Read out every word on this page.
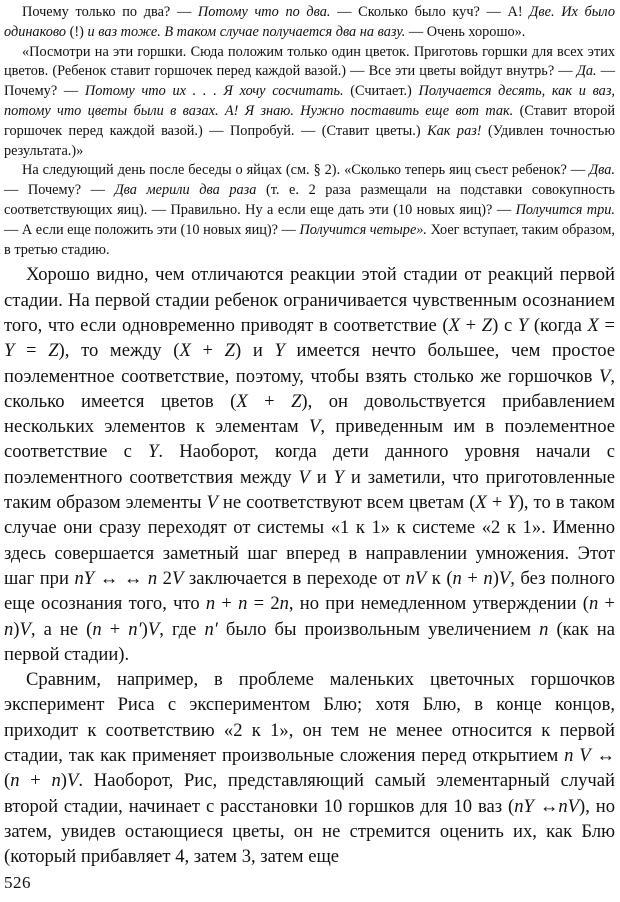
Почему только по два? — Потому что по два. — Сколько было куч? — А! Две. Их было одинаково (!) и ваз тоже. В таком случае получается два на вазу. — Очень хорошо».

«Посмотри на эти горшки. Сюда положим только один цветок. Приготовь горшки для всех этих цветов. (Ребенок ставит горшочек перед каждой вазой.) — Все эти цветы войдут внутрь? — Да. — Почему? — Потому что их . . . Я хочу сосчитать. (Считает.) Получается десять, как и ваз, потому что цветы были в вазах. А! Я знаю. Нужно поставить еще вот так. (Ставит второй горшочек перед каждой вазой.) — Попробуй. — (Ставит цветы.) Как раз! (Удивлен точностью результата.)»

На следующий день после беседы о яйцах (см. § 2). «Сколько теперь яиц съест ребенок? — Два. — Почему? — Два мерили два раза (т. е. 2 раза размещали на подставки совокупность соответствующих яиц). — Правильно. Ну а если еще дать эти (10 новых яиц)? — Получится три. — А если еще положить эти (10 новых яиц)? — Получится четыре». Хоег вступает, таким образом, в третью стадию.

Хорошо видно, чем отличаются реакции этой стадии от реакций первой стадии. На первой стадии ребенок ограничивается чувственным осознанием того, что если одновременно приводят в соответствие (X + Z) с Y (когда X = Y = Z), то между (X + Z) и Y имеется нечто большее, чем простое поэлементное соответствие, поэтому, чтобы взять столько же горшочков V, сколько имеется цветов (X + Z), он довольствуется прибавлением нескольких элементов к элементам V, приведенным им в поэлементное соответствие с Y. Наоборот, когда дети данного уровня начали с поэлементного соответствия между V и Y и заметили, что приготовленные таким образом элементы V не соответствуют всем цветам (X + Y), то в таком случае они сразу переходят от системы «1 к 1» к системе «2 к 1». Именно здесь совершается заметный шаг вперед в направлении умножения. Этот шаг при nY ↔ ↔ n 2V заключается в переходе от nV к (n + n)V, без полного еще осознания того, что n + n = 2n, но при немедленном утверждении (n + n)V, а не (n + n′)V, где n′ было бы произвольным увеличением n (как на первой стадии).

Сравним, например, в проблеме маленьких цветочных горшочков эксперимент Риса с экспериментом Блю; хотя Блю, в конце концов, приходит к соответствию «2 к 1», он тем не менее относится к первой стадии, так как применяет произвольные сложения перед открытием n V ↔ (n + n)V. Наоборот, Рис, представляющий самый элементарный случай второй стадии, начинает с расстановки 10 горшков для 10 ваз (nY ↔nV), но затем, увидев остающиеся цветы, он не стремится оценить их, как Блю (который прибавляет 4, затем 3, затем еще

526
